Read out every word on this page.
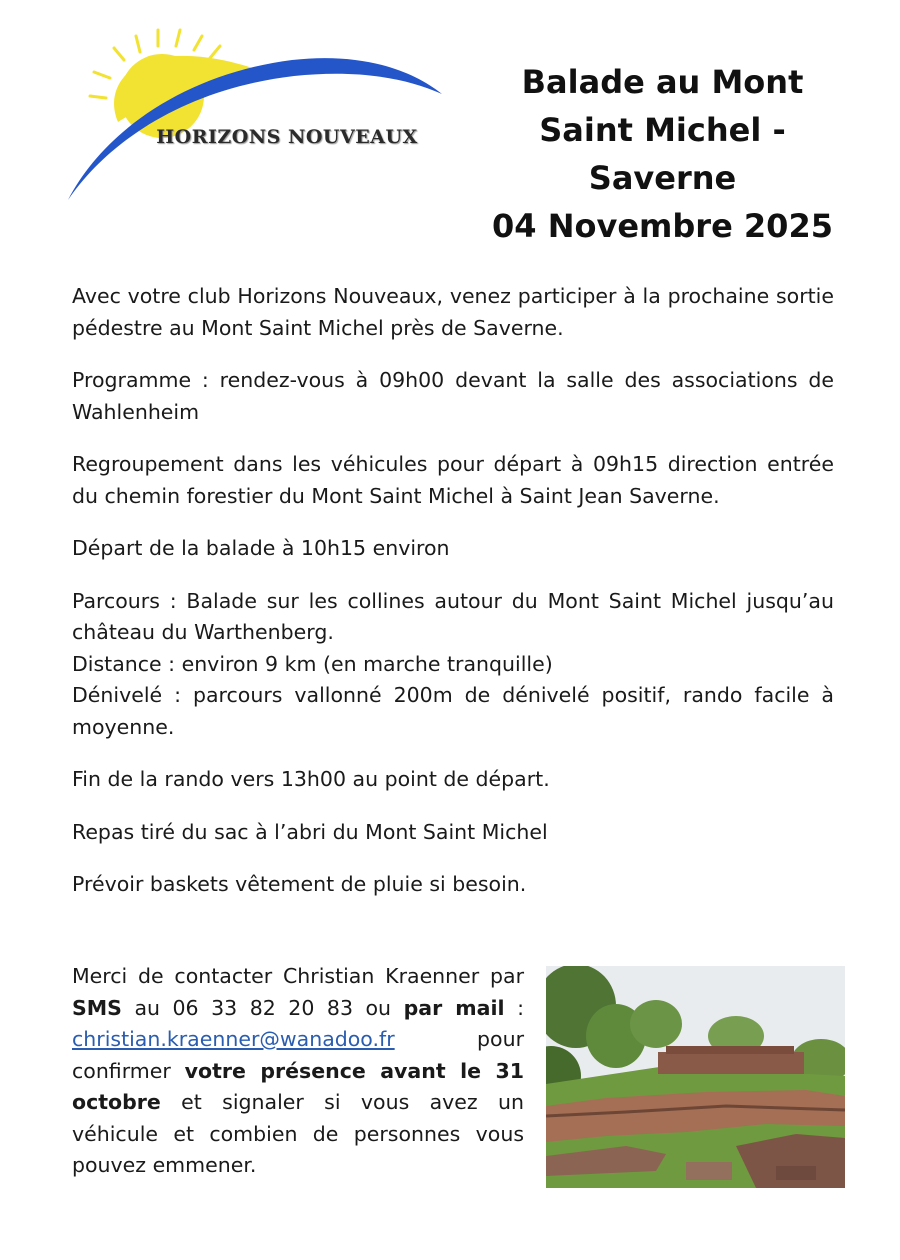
HORIZONS NOUVEAUX
Balade au Mont
Saint Michel -
Saverne
04 Novembre 2025

Avec votre club Horizons Nouveaux, venez participer à la prochaine sortie pédestre au Mont Saint Michel près de Saverne.

Programme : rendez-vous à 09h00 devant la salle des associations de Wahlenheim

Regroupement dans les véhicules pour départ à 09h15 direction entrée du chemin forestier du Mont Saint Michel à Saint Jean Saverne.

Départ de la balade à 10h15 environ

Parcours : Balade sur les collines autour du Mont Saint Michel jusqu’au château du Warthenberg.

Distance : environ 9 km (en marche tranquille)

Dénivelé : parcours vallonné 200m de dénivelé positif, rando facile à moyenne.

Fin de la rando vers 13h00 au point de départ.

Repas tiré du sac à l’abri du Mont Saint Michel

Prévoir baskets vêtement de pluie si besoin.

Merci de contacter Christian Kraenner par SMS au 06 33 82 20 83 ou par mail : christian.kraenner@wanadoo.fr pour confirmer votre présence avant le 31 octobre et signaler si vous avez un véhicule et combien de personnes vous pouvez emmener.
